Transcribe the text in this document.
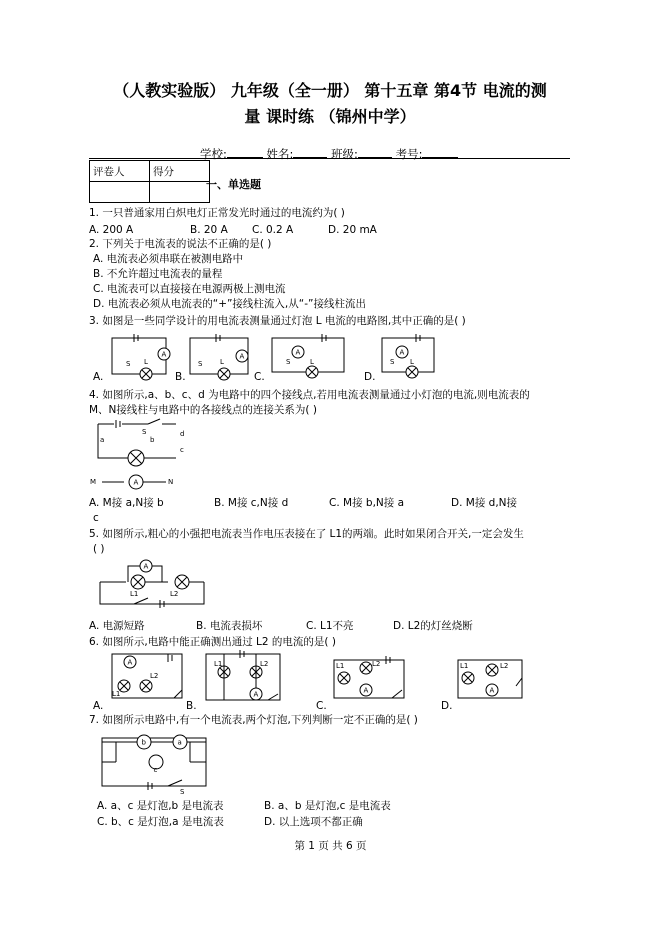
（人教实验版） 九年级（全一册） 第十五章 第4节 电流的测
量 课时练 （锦州中学）
学校:	姓名:	班级:	考号:
评卷人	得分

一、单选题
1. 一只普通家用白炽电灯正常发光时通过的电流约为( )
A. 200 A	B. 20 A C. 0.2 A	D. 20 mA
2. 下列关于电流表的说法不正确的是( )
A. 电流表必须串联在被测电路中
B. 不允许超过电流表的量程
C. 电流表可以直接接在电源两极上测电流
D. 电流表必须从电流表的“+”接线柱流入,从“-”接线柱流出
3. 如图是一些同学设计的用电流表测量通过灯泡 L 电流的电路图,其中正确的是( )
A.	B.	C.	D.
A
S L
A
S	L
A
S	L
A
S L
4. 如图所示,a、b、c、d 为电路中的四个接线点,若用电流表测量通过小灯泡的电流,则电流表的
M、N接线柱与电路中的各接线点的连接关系为( )
S
a	b
d
c
A
M	N
A. M接 a,N接 b	B. M接 c,N接 d	C. M接 b,N接 a	D. M接 d,N接
c
5. 如图所示,粗心的小强把电流表当作电压表接在了 L1的两端。此时如果闭合开关,一定会发生
( )
A
L1	L2
A. 电源短路	B. 电流表损坏	C. L1不亮	D. L2的灯丝烧断
6. 如图所示,电路中能正确测出通过 L2 的电流的是( )
A.	B.	C.	D.
A
L1
L2
A
L1	L2
A
L1	L2
A
L1	L2
7. 如图所示电路中,有一个电流表,两个灯泡,下列判断一定不正确的是( )
b	a
c
S
A. a、c 是灯泡,b 是电流表	B. a、b 是灯泡,c 是电流表
C. b、c 是灯泡,a 是电流表	D. 以上选项不都正确
第 1 页 共 6 页
